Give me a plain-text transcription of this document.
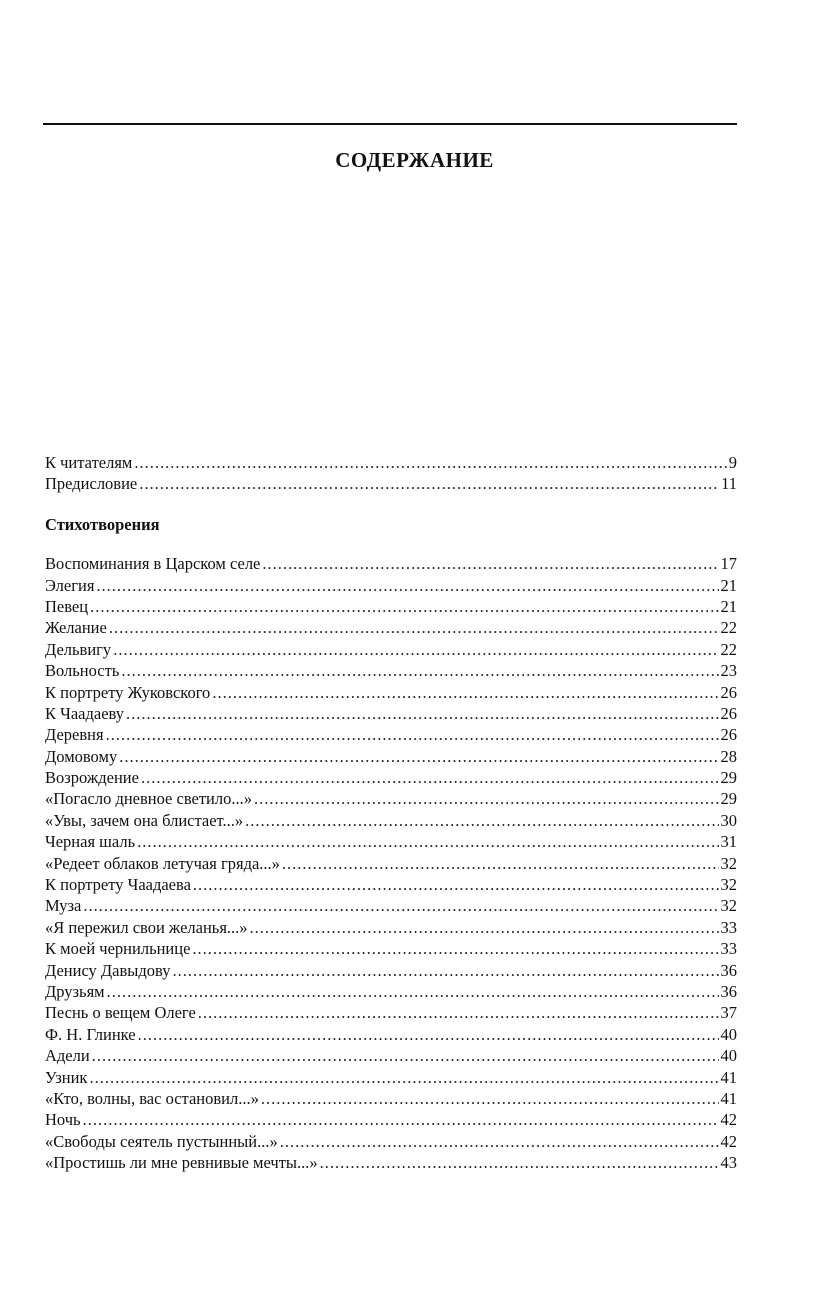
СОДЕРЖАНИЕ
К читателям .....	9
Предисловие .....	11
Стихотворения
Воспоминания в Царском селе .....	17
Элегия .....	21
Певец .....	21
Желание .....	22
Дельвигу .....	22
Вольность .....	23
К портрету Жуковского .....	26
К Чаадаеву .....	26
Деревня .....	26
Домовому .....	28
Возрождение .....	29
«Погасло дневное светило...» .....	29
«Увы, зачем она блистает...» .....	30
Черная шаль .....	31
«Редеет облаков летучая гряда...» .....	32
К портрету Чаадаева .....	32
Муза .....	32
«Я пережил свои желанья...» .....	33
К моей чернильнице .....	33
Денису Давыдову .....	36
Друзьям .....	36
Песнь о вещем Олеге .....	37
Ф. Н. Глинке .....	40
Адели .....	40
Узник .....	41
«Кто, волны, вас остановил...» .....	41
Ночь .....	42
«Свободы сеятель пустынный...» .....	42
«Простишь ли мне ревнивые мечты...» .....	43
